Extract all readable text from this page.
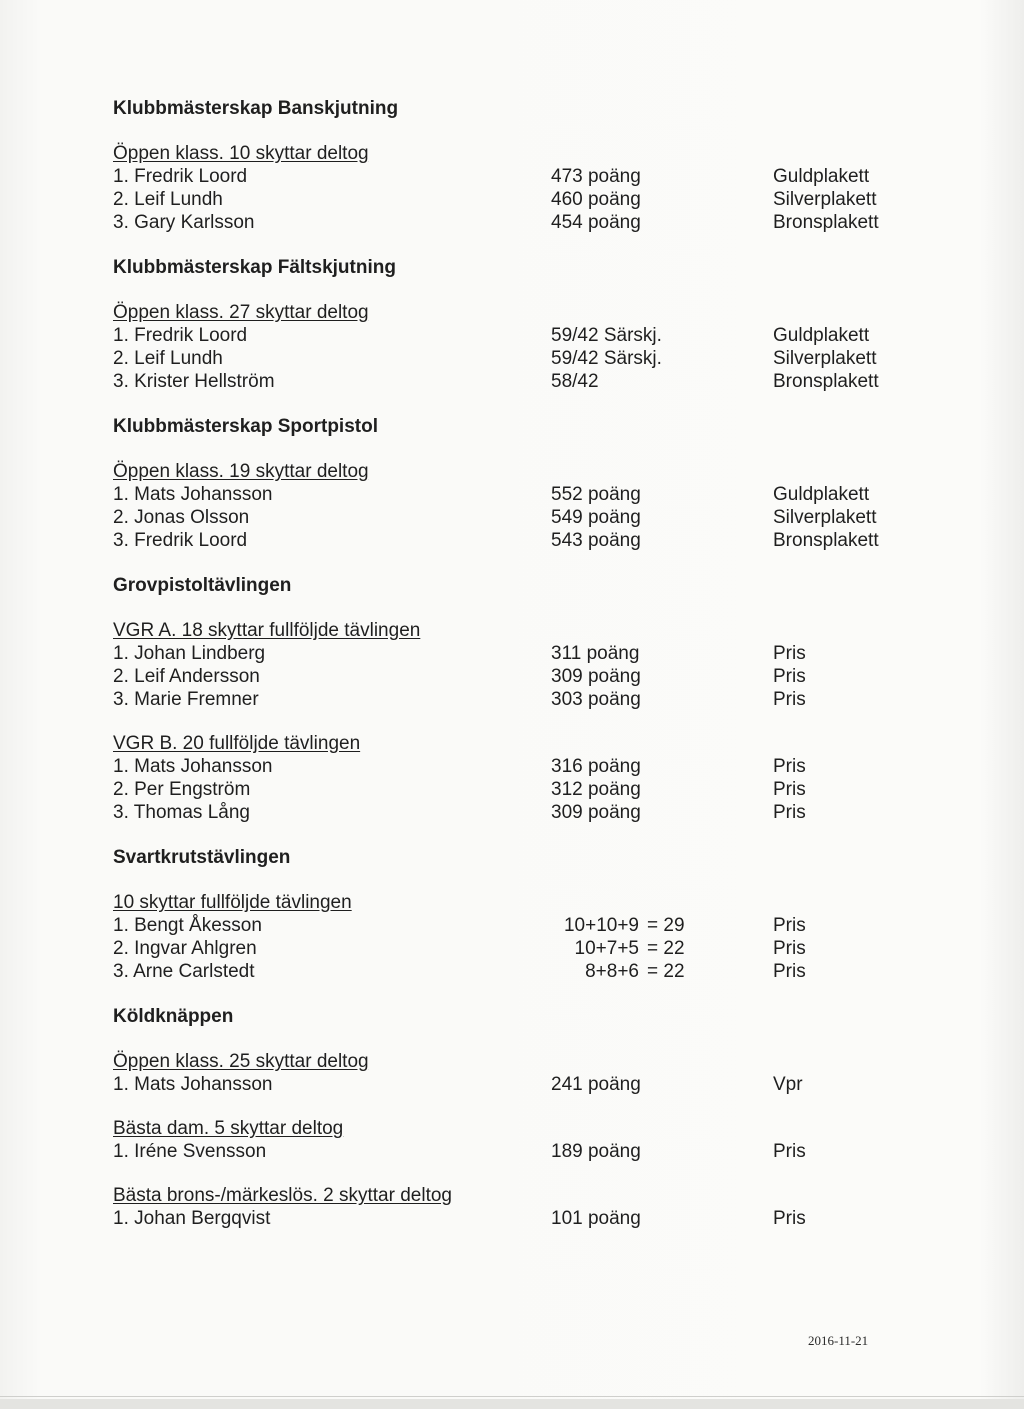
Klubbmästerskap Banskjutning
Öppen klass. 10 skyttar deltog
1. Fredrik Loord	473 poäng	Guldplakett
2. Leif Lundh	460 poäng	Silverplakett
3. Gary Karlsson	454 poäng	Bronsplakett
Klubbmästerskap Fältskjutning
Öppen klass. 27 skyttar deltog
1. Fredrik Loord	59/42 Särskj.	Guldplakett
2. Leif Lundh	59/42 Särskj.	Silverplakett
3. Krister Hellström	58/42	Bronsplakett
Klubbmästerskap Sportpistol
Öppen klass. 19 skyttar deltog
1. Mats Johansson	552 poäng	Guldplakett
2. Jonas Olsson	549 poäng	Silverplakett
3. Fredrik Loord	543 poäng	Bronsplakett
Grovpistoltävlingen
VGR A. 18 skyttar fullföljde tävlingen
1. Johan Lindberg	311 poäng	Pris
2. Leif Andersson	309 poäng	Pris
3. Marie Fremner	303 poäng	Pris
VGR B. 20 fullföljde tävlingen
1. Mats Johansson	316 poäng	Pris
2. Per Engström	312 poäng	Pris
3. Thomas Lång	309 poäng	Pris
Svartkrutstävlingen
10 skyttar fullföljde tävlingen
1. Bengt Åkesson	10+10+9 = 29	Pris
2. Ingvar Ahlgren	10+7+5 = 22	Pris
3. Arne Carlstedt	8+8+6 = 22	Pris
Köldknäppen
Öppen klass. 25 skyttar deltog
1. Mats Johansson	241 poäng	Vpr
Bästa dam. 5 skyttar deltog
1. Iréne Svensson	189 poäng	Pris
Bästa brons-/märkeslös. 2 skyttar deltog
1. Johan Bergqvist	101 poäng	Pris
2016-11-21
